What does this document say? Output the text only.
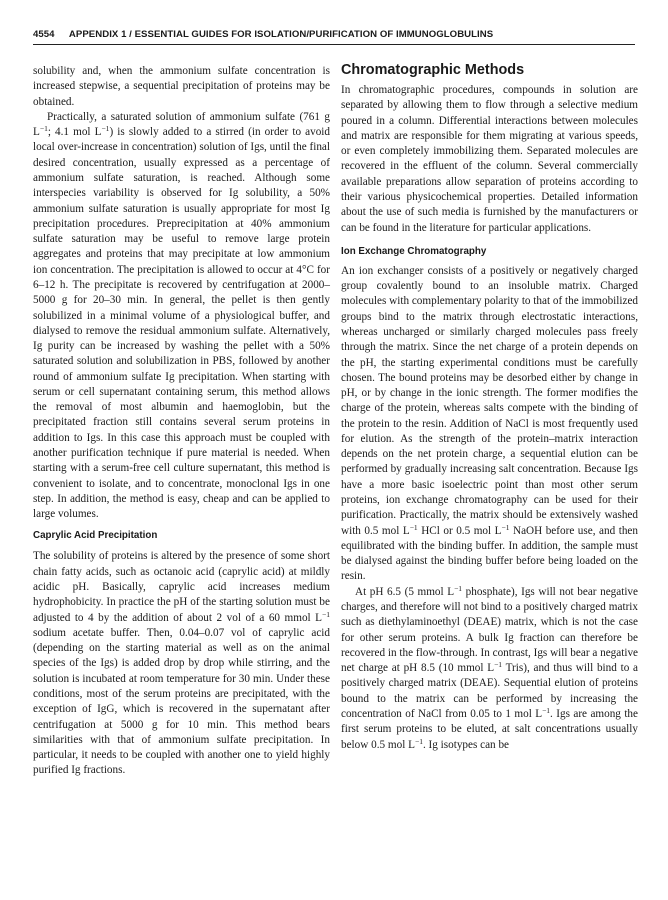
4554 APPENDIX 1 / ESSENTIAL GUIDES FOR ISOLATION/PURIFICATION OF IMMUNOGLOBULINS

solubility and, when the ammonium sulfate concentration is increased stepwise, a sequential precipitation of proteins may be obtained.

Practically, a saturated solution of ammonium sulfate (761 g $L^{-1}$; 4.1 mol $L^{-1}$) is slowly added to a stirred (in order to avoid local over-increase in concentration) solution of Igs, until the final desired concentration, usually expressed as a percentage of ammonium sulfate saturation, is reached. Although some interspecies variability is observed for Ig solubility, a 50% ammonium sulfate saturation is usually appropriate for most Ig precipitation procedures. Preprecipitation at 40% ammonium sulfate saturation may be useful to remove large protein aggregates and proteins that may precipitate at low ammonium ion concentration. The precipitation is allowed to occur at 4°C for 6–12 h. The precipitate is recovered by centrifugation at 2000–5000 g for 20–30 min. In general, the pellet is then gently solubilized in a minimal volume of a physiological buffer, and dialysed to remove the residual ammonium sulfate. Alternatively, Ig purity can be increased by washing the pellet with a 50% saturated solution and solubilization in PBS, followed by another round of ammonium sulfate Ig precipitation. When starting with serum or cell supernatant containing serum, this method allows the removal of most albumin and haemoglobin, but the precipitated fraction still contains several serum proteins in addition to Igs. In this case this approach must be coupled with another purification technique if pure material is needed. When starting with a serum-free cell culture supernatant, this method is convenient to isolate, and to concentrate, monoclonal Igs in one step. In addition, the method is easy, cheap and can be applied to large volumes.

Caprylic Acid Precipitation

The solubility of proteins is altered by the presence of some short chain fatty acids, such as octanoic acid (caprylic acid) at mildly acidic pH. Basically, caprylic acid increases medium hydrophobicity. In practice the pH of the starting solution must be adjusted to 4 by the addition of about 2 vol of a 60 mmol $L^{-1}$ sodium acetate buffer. Then, 0.04–0.07 vol of caprylic acid (depending on the starting material as well as on the animal species of the Igs) is added drop by drop while stirring, and the solution is incubated at room temperature for 30 min. Under these conditions, most of the serum proteins are precipitated, with the exception of IgG, which is recovered in the supernatant after centrifugation at 5000 g for 10 min. This method bears similarities with that of ammonium sulfate precipitation. In particular, it needs to be coupled with another one to yield highly purified Ig fractions.

Chromatographic Methods

In chromatographic procedures, compounds in solution are separated by allowing them to flow through a selective medium poured in a column. Differential interactions between molecules and matrix are responsible for them migrating at various speeds, or even completely immobilizing them. Separated molecules are recovered in the effluent of the column. Several commercially available preparations allow separation of proteins according to their various physicochemical properties. Detailed information about the use of such media is furnished by the manufacturers or can be found in the literature for particular applications.

Ion Exchange Chromatography

An ion exchanger consists of a positively or negatively charged group covalently bound to an insoluble matrix. Charged molecules with complementary polarity to that of the immobilized groups bind to the matrix through electrostatic interactions, whereas uncharged or similarly charged molecules pass freely through the matrix. Since the net charge of a protein depends on the pH, the starting experimental conditions must be carefully chosen. The bound proteins may be desorbed either by change in pH, or by change in the ionic strength. The former modifies the charge of the protein, whereas salts compete with the binding of the protein to the resin. Addition of NaCl is most frequently used for elution. As the strength of the protein–matrix interaction depends on the net protein charge, a sequential elution can be performed by gradually increasing salt concentration. Because Igs have a more basic isoelectric point than most other serum proteins, ion exchange chromatography can be used for their purification. Practically, the matrix should be extensively washed with 0.5 mol $L^{-1}$ HCl or 0.5 mol $L^{-1}$ NaOH before use, and then equilibrated with the binding buffer. In addition, the sample must be dialysed against the binding buffer before being loaded on the resin.

At pH 6.5 (5 mmol $L^{-1}$ phosphate), Igs will not bear negative charges, and therefore will not bind to a positively charged matrix such as diethylaminoethyl (DEAE) matrix, which is not the case for other serum proteins. A bulk Ig fraction can therefore be recovered in the flow-through. In contrast, Igs will bear a negative net charge at pH 8.5 (10 mmol $L^{-1}$ Tris), and thus will bind to a positively charged matrix (DEAE). Sequential elution of proteins bound to the matrix can be performed by increasing the concentration of NaCl from 0.05 to 1 mol $L^{-1}$. Igs are among the first serum proteins to be eluted, at salt concentrations usually below 0.5 mol $L^{-1}$. Ig isotypes can be
